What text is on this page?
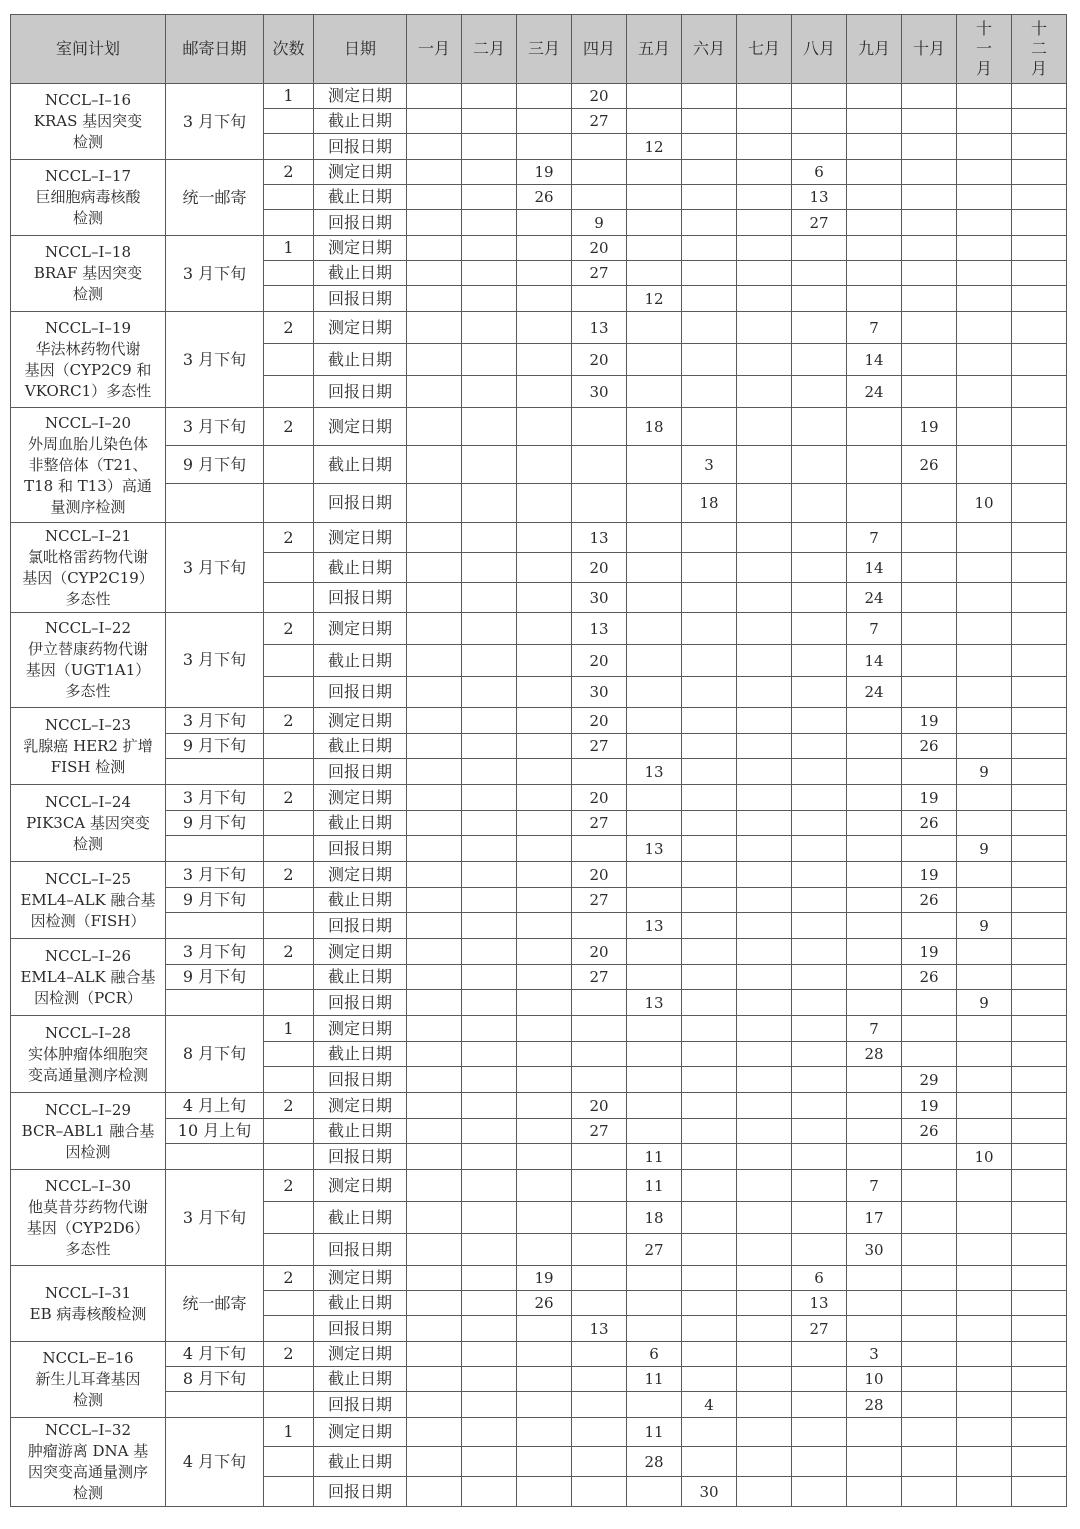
室间计划	邮寄日期	次数	日期	一月	二月	三月	四月	五月	六月	七月	八月	九月	十月	十
一
月	十
二
月

NCCL–I–16
KRAS 基因突变
检测	3 月下旬	1	测定日期				20								
			截止日期				27								
			回报日期					12							

NCCL–I–17
巨细胞病毒核酸
检测	统一邮寄	2	测定日期			19					6				
			截止日期			26					13				
			回报日期				9				27				

NCCL–I–18
BRAF 基因突变
检测	3 月下旬	1	测定日期				20								
			截止日期				27								
			回报日期					12							

NCCL–I–19
华法林药物代谢
基因（CYP2C9 和
VKORC1）多态性	3 月下旬	2	测定日期				13					7			
			截止日期				20					14			
			回报日期				30					24			

NCCL–I–20
外周血胎儿染色体
非整倍体（T21、
T18 和 T13）高通
量测序检测	3 月下旬	2	测定日期					18					19		
	9 月下旬		截止日期						3				26		
			回报日期						18					10	

NCCL–I–21
氯吡格雷药物代谢
基因（CYP2C19）
多态性	3 月下旬	2	测定日期				13					7			
			截止日期				20					14			
			回报日期				30					24			

NCCL–I–22
伊立替康药物代谢
基因（UGT1A1）
多态性	3 月下旬	2	测定日期				13					7			
			截止日期				20					14			
			回报日期				30					24			

NCCL–I–23
乳腺癌 HER2 扩增
FISH 检测	3 月下旬	2	测定日期				20						19		
	9 月下旬		截止日期				27						26		
			回报日期					13						9	

NCCL–I–24
PIK3CA 基因突变
检测	3 月下旬	2	测定日期				20						19		
	9 月下旬		截止日期				27						26		
			回报日期					13						9	

NCCL–I–25
EML4–ALK 融合基
因检测（FISH）	3 月下旬	2	测定日期				20						19		
	9 月下旬		截止日期				27						26		
			回报日期					13						9	

NCCL–I–26
EML4–ALK 融合基
因检测（PCR）	3 月下旬	2	测定日期				20						19		
	9 月下旬		截止日期				27						26		
			回报日期					13						9	

NCCL–I–28
实体肿瘤体细胞突
变高通量测序检测	8 月下旬	1	测定日期									7			
			截止日期									28			
			回报日期										29		

NCCL–I–29
BCR–ABL1 融合基
因检测	4 月上旬	2	测定日期				20						19		
	10 月上旬		截止日期				27						26		
			回报日期					11						10	

NCCL–I–30
他莫昔芬药物代谢
基因（CYP2D6）
多态性	3 月下旬	2	测定日期					11				7			
			截止日期					18				17			
			回报日期					27				30			

NCCL–I–31
EB 病毒核酸检测	统一邮寄	2	测定日期			19					6				
			截止日期			26					13				
			回报日期				13				27				

NCCL–E–16
新生儿耳聋基因
检测	4 月下旬	2	测定日期					6				3			
	8 月下旬		截止日期					11				10			
			回报日期						4			28			

NCCL–I–32
肿瘤游离 DNA 基
因突变高通量测序
检测	4 月下旬	1	测定日期					11							
			截止日期					28							
			回报日期						30						
